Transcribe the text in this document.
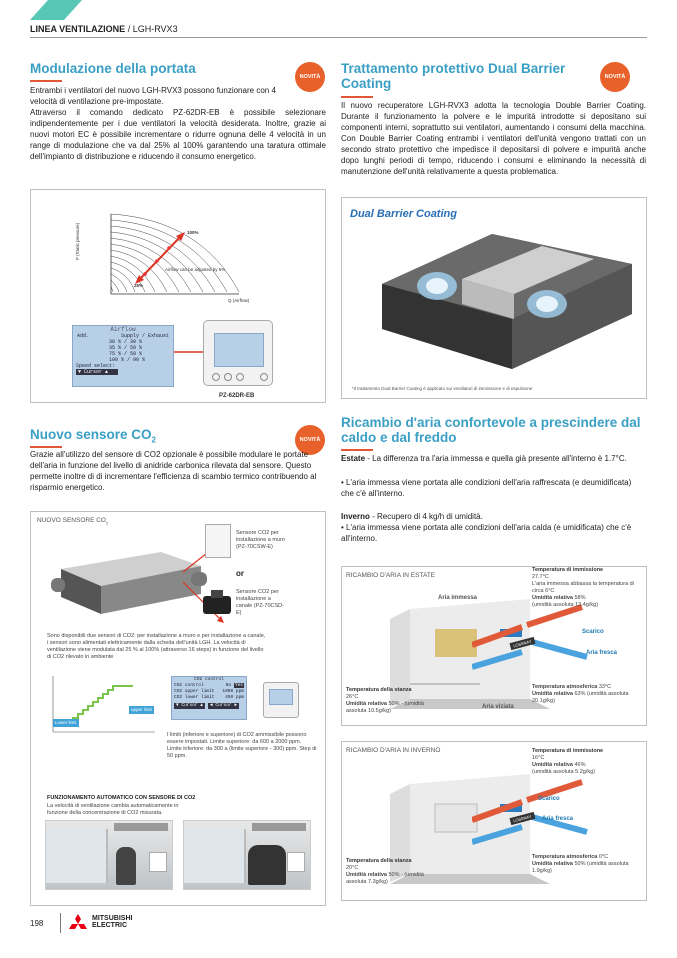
LINEA VENTILAZIONE / LGH-RVX3
Modulazione della portata
NOVITÀ
Entrambi i ventilatori del nuovo LGH-RVX3 possono funzionare con 4 velocità di ventilazione pre-impostate.
Attraverso il comando dedicato PZ-62DR-EB è possibile selezionare indipendentemente per i due ventilatori la velocità desiderata. Inoltre, grazie ai nuovi motori EC è possibile incrementare o ridurre ognuna delle 4 velocità in un range di modulazione che va dal 25% al 100% garantendo una taratura ottimale dell'impianto di distribuzione e riducendo il consumo energetico.
Trattamento protettivo Dual Barrier Coating	NOVITÀ
Il nuovo recuperatore LGH-RVX3 adotta la tecnologia Double Barrier Coating. Durante il funzionamento la polvere e le impurità introdotte si depositano sui componenti interni, soprattutto sui ventilatori, aumentando i consumi della macchina. Con Double Barrier Coating entrambi i ventilatori dell'unità vengono trattati con un secondo strato protettivo che impedisce il depositarsi di polvere e impurità anche dopo lunghi periodi di tempo, riducendo i consumi e eliminando la necessità di manutenzione dell'unità relativamente a questa problematica.
P (Static pressure)
Q (Airflow)
100%
25%
Airflow can be adjusted by 5%
Airflow
Add.	Supply / Exhaust
30 % / 30 %
35 % / 50 %
75 % / 50 %
100 % / 90 %
Speed select:
▼ Cursor ▲
PZ-62DR-EB
Dual Barrier Coating
*Il trattamento Dual Barrier Coating è applicato sui ventilatori di immissione e di espulsione
Nuovo sensore $CO_2$	NOVITÀ
Grazie all'utilizzo del sensore di CO2 opzionale è possibile modulare le portate dell'aria in funzione del livello di anidride carbonica rilevata dal sensore. Questo permette inoltre di di incrementare l'efficienza di scambio termico contribuendo al risparmio energetico.
NUOVO SENSORE $CO_2$
Sensore CO2 per installazione a muro (PZ-70CSW-E)
or
Sensore CO2 per installazione a canale (PZ-70CSD-E)
Sono disponibili due sensori di CO2: per installazione a muro e per installazione a canale, i sensori sono alimentati elettricamente dalla scheda dell'unità LGH. La velocità di ventilazione viene modulata dal 25 % al 100% (attraverso 16 steps) in funzione del livello di CO2 rilevato in ambiente
Lower limit
upper limit
CO2 control
CO2 control	No Yes
CO2 upper limit 1000 ppm
CO2 lower limit 450 ppm
▼ Cursor ▲	◄ Cursor ►
I limiti (inferiore e superiore) di CO2 ammissibile possono essere impostati. Limite superiore: da 600 a 2000 ppm. Limite inferiore: da 300 a (limite superiore - 300) ppm. Step di 50 ppm.
FUNZIONAMENTO AUTOMATICO CON SENSORE DI CO2
La velocità di ventilazione cambia automaticamente in funzione della concentrazione di CO2 misurata.
Ricambio d'aria confortevole a prescindere dal caldo e dal freddo
Estate - La differenza tra l'aria immessa e quella già presente all'interno è 1.7°C.
• L'aria immessa viene portata alle condizioni dell'aria raffrescata (e deumidificata) che c'è all'interno.
Inverno - Recupero di 4 kg/h di umidità.
• L'aria immessa viene portata alle condizioni dell'aria calda (e umidificata) che c'è all'interno.
RICAMBIO D'ARIA IN ESTATE
LOSSNAY
Temperatura di immissione
27.7°C
L'aria immessa abbassa la temperatura di circa 6°C
Umidità relativa 58%
(umidità assoluta 13.4g/kg)
Aria immessa
Scarico
Aria fresca
Aria viziata
Temperatura della stanza
26°C
Umidità relativa 50% - (umidità assoluta 10.5g/kg)
Temperatura atmosferica 33°C
Umidità relativa 63% (umidità assoluta 20.1g/kg)
RICAMBIO D'ARIA IN INVERNO
LOSSNAY
Temperatura di immissione
16°C
Umidità relativa 46%
(umidità assoluta 5.2g/kg)
Scarico
Aria fresca
Temperatura della stanza
20°C
Umidità relativa 50% - (umidità assoluta 7.3g/kg)
Temperatura atmosferica 0°C
Umidità relativa 50% (umidità assoluta 1.9g/kg)
198
MITSUBISHI
ELECTRIC
